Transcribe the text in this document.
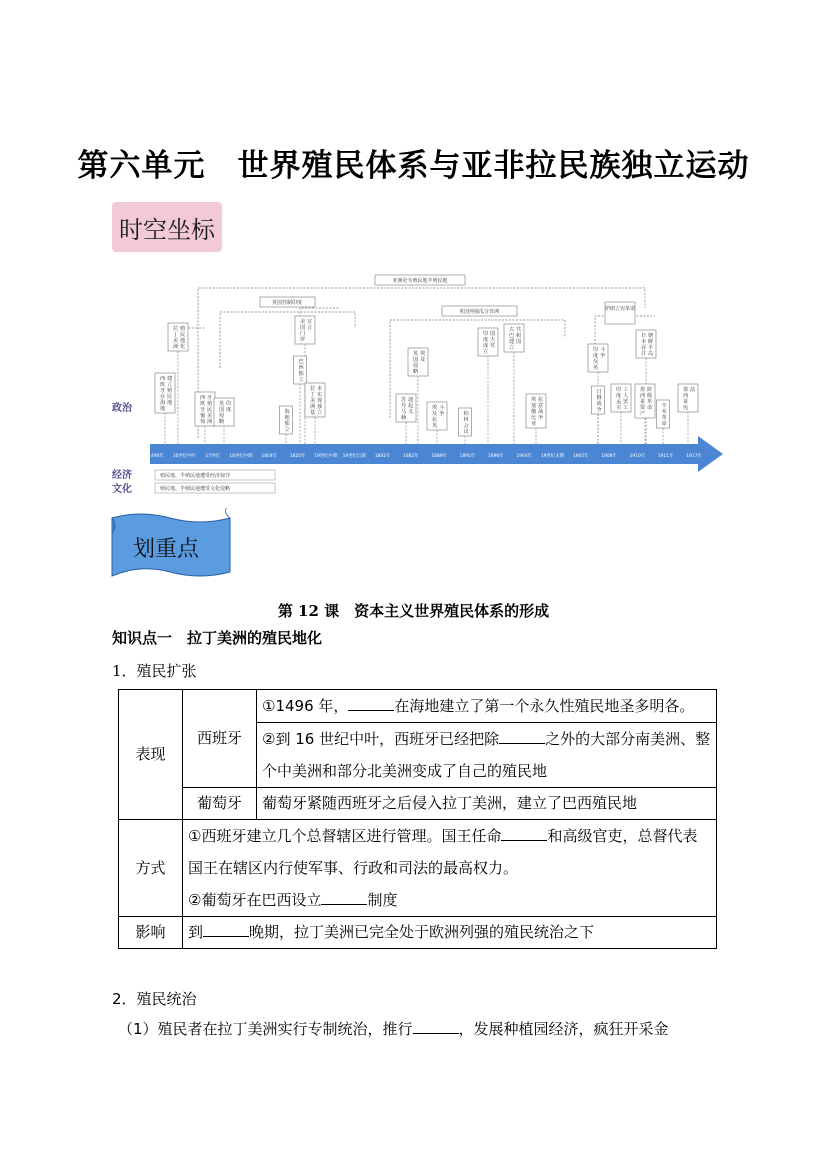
第六单元　世界殖民体系与亚非拉民族独立运动
时空坐标
亚洲沦为殖民地半殖民地
英国控制印度
英国列强瓜分非洲	伊朗立宪革命
政治
1496年 16世纪中叶 17世纪 18世纪中期 1804年	1820年 19世纪中期 19世纪后期 1881年	1882年	1889年	1895年	1896年	1904年 19世纪末期 1905年	1908年	1910年	1911年	1917年
拉丁美洲
殖民地化
美国门罗
宣言
巴西独立
拉丁美洲基
本实现独立
英国侵略
埃及
印度成立
国大党
古巴建立
共和国
印度反英
斗争
日俄战争
日本吞并
朝鲜半岛
西班牙在海地
建立殖民地
西班牙葡萄
牙殖民美洲
英国侵略
印度	海地独立
苏丹马赫
迪起义
埃及抗英
斗争	柏林会议
埃塞俄比亚
抗意战争
印度孟买
工人罢工
墨西哥资产
阶级革命 辛亥革命
墨西哥宪
法
经济
文化
殖民地、半殖民地遭受经济掠夺
殖民地、半殖民地遭受文化侵略
划重点
第 12 课　资本主义世界殖民体系的形成
知识点一　拉丁美洲的殖民地化
1．殖民扩张
表现	西班牙	①1496 年， 在海地建立了第一个永久性殖民地圣多明各。
		②到 16 世纪中叶，西班牙已经把除 之外的大部分南美洲、整个中美洲和部分北美洲变成了自己的殖民地
	葡萄牙	葡萄牙紧随西班牙之后侵入拉丁美洲，建立了巴西殖民地
方式	①西班牙建立几个总督辖区进行管理。国王任命 和高级官吏，总督代表国王在辖区内行使军事、行政和司法的最高权力。
②葡萄牙在巴西设立 制度	

影响	到 晚期，拉丁美洲已完全处于欧洲列强的殖民统治之下	
2．殖民统治
（1）殖民者在拉丁美洲实行专制统治，推行	，发展种植园经济，疯狂开采金
